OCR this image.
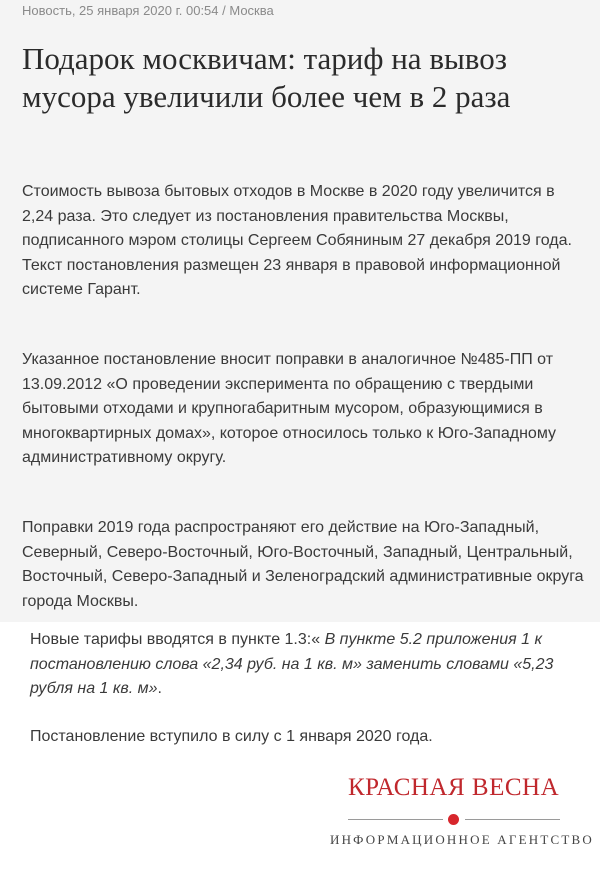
Новость, 25 января 2020 г. 00:54 / Москва
Подарок москвичам: тариф на вывоз мусора увеличили более чем в 2 раза

Стоимость вывоза бытовых отходов в Москве в 2020 году увеличится в 2,24 раза. Это следует из постановления правительства Москвы, подписанного мэром столицы Сергеем Собяниным 27 декабря 2019 года. Текст постановления размещен 23 января в правовой информационной системе Гарант.

Указанное постановление вносит поправки в аналогичное №485-ПП от 13.09.2012 «О проведении эксперимента по обращению с твердыми бытовыми отходами и крупногабаритным мусором, образующимися в многоквартирных домах», которое относилось только к Юго-Западному административному округу.

Поправки 2019 года распространяют его действие на Юго-Западный, Северный, Северо-Восточный, Юго-Восточный, Западный, Центральный, Восточный, Северо-Западный и Зеленоградский административные округа города Москвы.

Новые тарифы вводятся в пункте 1.3:« В пункте 5.2 приложения 1 к постановлению слова «2,34 руб. на 1 кв. м» заменить словами «5,23 рубля на 1 кв. м».

Постановление вступило в силу с 1 января 2020 года.

КРАСНАЯ ВЕСНА
ИНФОРМАЦИОННОЕ АГЕНТСТВО
